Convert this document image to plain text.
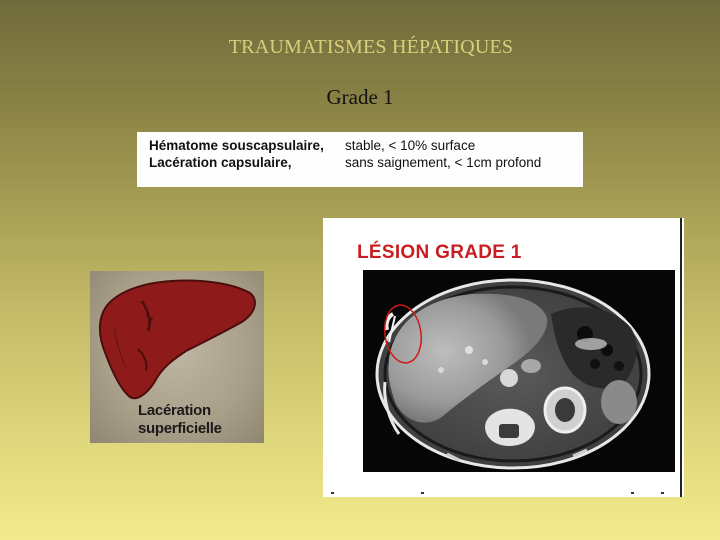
TRAUMATISMES HÉPATIQUES
Grade 1
Hématome souscapsulaire, stable, < 10% surface
Lacération capsulaire,	sans saignement, < 1cm profond
Lacération
superficielle
LÉSION GRADE 1
